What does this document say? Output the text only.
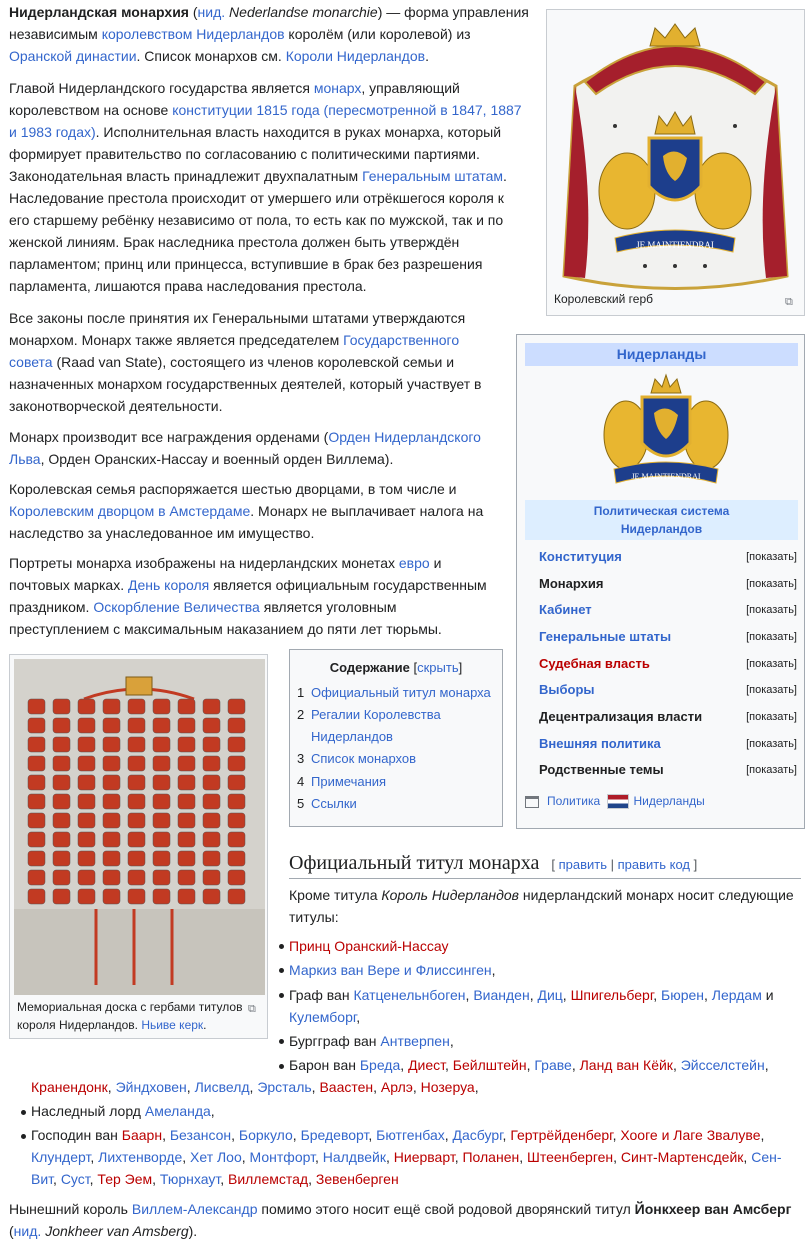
Нидерландская монархия (нид. Nederlandse monarchie) — форма управления независимым королевством Нидерландов королём (или королевой) из Оранской династии. Список монархов см. Короли Нидерландов.

Главой Нидерландского государства является монарх, управляющий королевством на основе конституции 1815 года (пересмотренной в 1847, 1887 и 1983 годах). Исполнительная власть находится в руках монарха, который формирует правительство по согласованию с политическими партиями. Законодательная власть принадлежит двухпалатным Генеральным штатам. Наследование престола происходит от умершего или отрёкшегося короля к его старшему ребёнку независимо от пола, то есть как по мужской, так и по женской линиям. Брак наследника престола должен быть утверждён парламентом; принц или принцесса, вступившие в брак без разрешения парламента, лишаются права наследования престола.

Все законы после принятия их Генеральными штатами утверждаются монархом. Монарх также является председателем Государственного совета (Raad van State), состоящего из членов королевской семьи и назначенных монархом государственных деятелей, который участвует в законотворческой деятельности.

Монарх производит все награждения орденами (Орден Нидерландского Льва, Орден Оранских-Нассау и военный орден Виллема).

Королевская семья распоряжается шестью дворцами, в том числе и Королевским дворцом в Амстердаме. Монарх не выплачивает налога на наследство за унаследованное им имущество.

Портреты монарха изображены на нидерландских монетах евро и почтовых марках. День короля является официальным государственным праздником. Оскорбление Величества является уголовным преступлением с максимальным наказанием до пяти лет тюрьмы.

JE MAINTIENDRAI
Королевский герб	⧉
Нидерланды
JE MAINTIENDRAI
Политическая система Нидерландов
Конституция	[показать]
Монархия	[показать]
Кабинет	[показать]
Генеральные штаты	[показать]
Судебная власть	[показать]
Выборы	[показать]
Децентрализация власти	[показать]
Внешняя политика	[показать]
Родственные темы	[показать]
Политика	Нидерланды
Мемориальная доска с гербами титулов короля Нидерландов. Ньиве керк.
⧉
Содержание [скрыть]
1 Официальный титул монарха
2 Регалии Королевства Нидерландов
3 Список монархов
4 Примечания
5 Ссылки
Официальный титул монарха [ править | править код ]

Кроме титула Король Нидерландов нидерландский монарх носит следующие титулы:

Принц Оранский-Нассау
Маркиз ван Вере и Флиссинген,
Граф ван Катценельнбоген, Вианден, Диц, Шпигельберг, Бюрен, Лердам и Кулемборг,
Бургграф ван Антверпен,
Барон ван Бреда, Диест, Бейлштейн, Граве, Ланд ван Кёйк, Эйсселстейн,
Кранендонк, Эйндховен, Лисвелд, Эрсталь, Ваастен, Арлэ, Нозеруа,
Наследный лорд Амеланда,
Господин ван Баарн, Безансон, Боркуло, Бредеворт, Бютгенбах, Дасбург, Гертрёйденберг, Хооге и Лаге Звалуве, Клундерт, Лихтенворде, Хет Лоо, Монтфорт, Налдвейк, Ниерварт, Поланен, Штеенберген, Синт-Мартенсдейк, Сен-Вит, Суст, Тер Эем, Тюрнхаут, Виллемстад, Зевенберген

Нынешний король Виллем-Александр помимо этого носит ещё свой родовой дворянский титул Йонкхеер ван Амсберг (нид. Jonkheer van Amsberg).
